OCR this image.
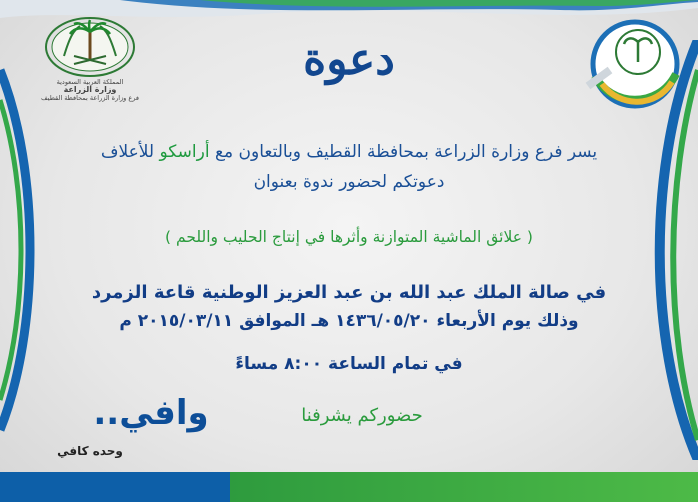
المملكة العربية السعودية
وزارة الزراعة
فرع وزارة الزراعة بمحافظة القطيف
دعوة
يسر فرع وزارة الزراعة بمحافظة القطيف وبالتعاون مع أراسكو للأعلاف
دعوتكم لحضور ندوة بعنوان
( علائق الماشية المتوازنة وأثرها في إنتاج الحليب واللحم )
في صالة الملك عبد الله بن عبد العزيز الوطنية قاعة الزمرد
وذلك يوم الأربعاء ١٤٣٦/٠٥/٢٠ هـ الموافق ٢٠١٥/٠٣/١١ م
في تمام الساعة ٨:٠٠ مساءً
حضوركم يشرفنا
وافي..
وحده كافي
